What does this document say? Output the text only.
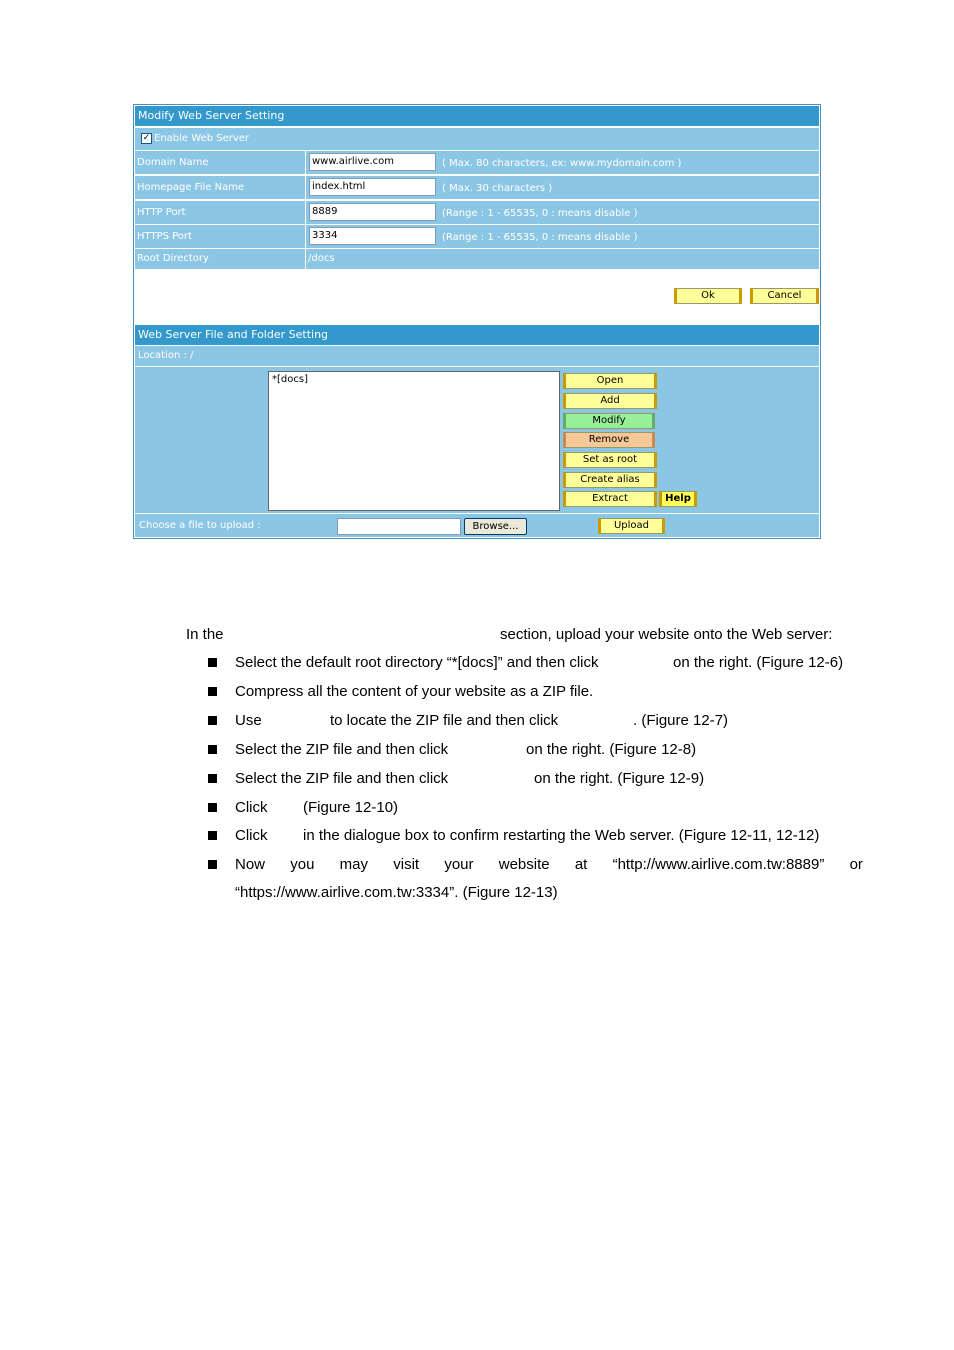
Modify Web Server Setting
✓ Enable Web Server
Domain Name	www.airlive.com	( Max. 80 characters, ex: www.mydomain.com )
Homepage File Name	index.html	( Max. 30 characters )
HTTP Port	8889	(Range : 1 - 65535, 0 : means disable )
HTTPS Port	3334	(Range : 1 - 65535, 0 : means disable )
Root Directory	/docs
Ok	Cancel
Web Server File and Folder Setting
Location : /
*[docs]	Open
Add
Modify
Remove
Set as root
Create alias
Extract	Help
Choose a file to upload :	Browse...	Upload
In the	section, upload your website onto the Web server:
Select the default root directory “*[docs]” and then click	on the right. (Figure 12-6)
Compress all the content of your website as a ZIP file.
Use	to locate the ZIP file and then click	. (Figure 12-7)
Select the ZIP file and then click	on the right. (Figure 12-8)
Select the ZIP file and then click	on the right. (Figure 12-9)
Click (Figure 12-10)
Click in the dialogue box to confirm restarting the Web server. (Figure 12-11, 12-12)
Now you may visit your website at “http://www.airlive.com.tw:8889” or
“https://www.airlive.com.tw:3334”. (Figure 12-13)
